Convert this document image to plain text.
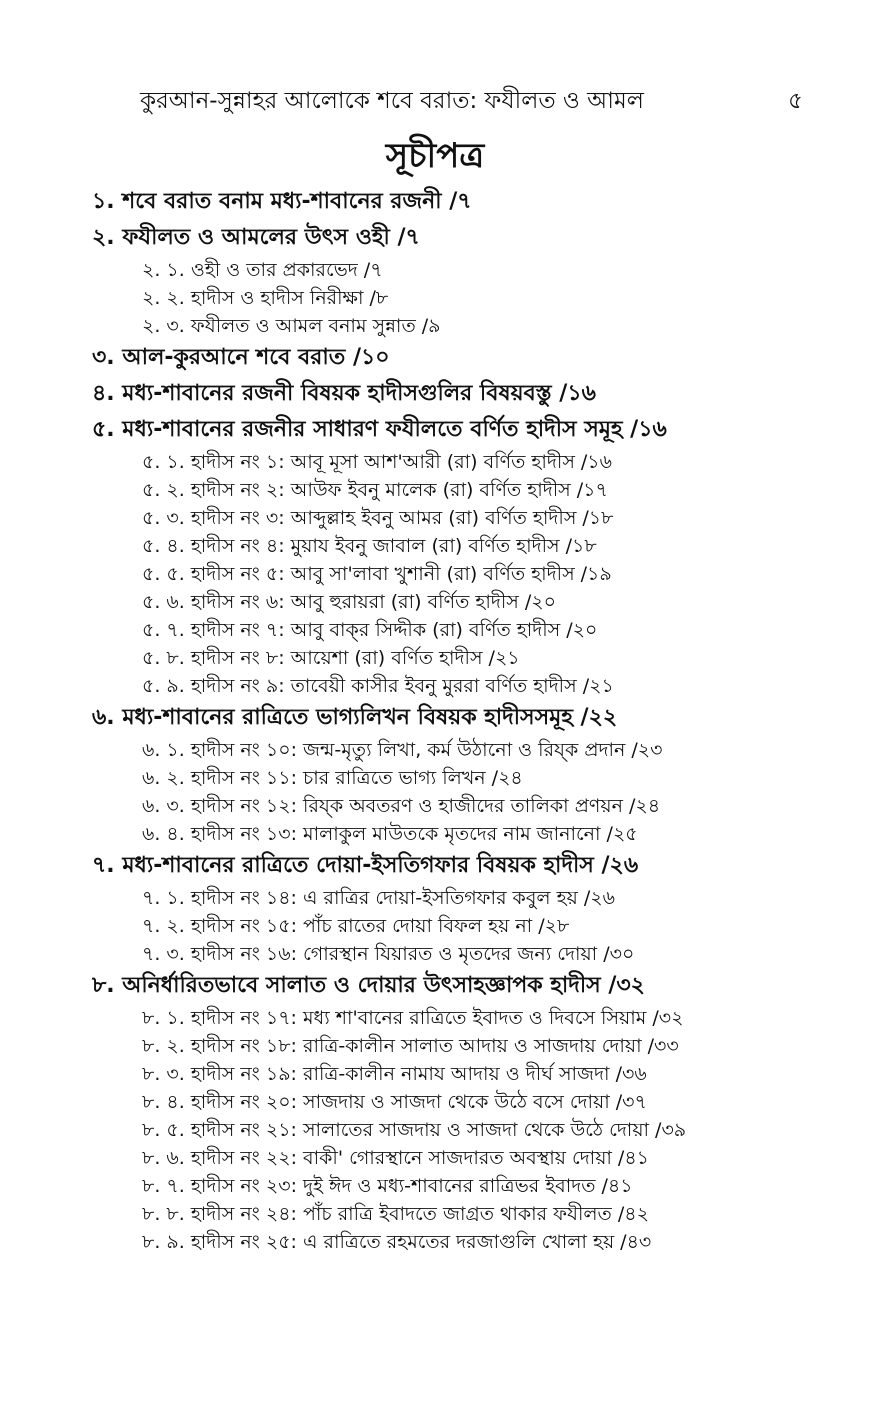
কুরআন-সুন্নাহর আলোকে শবে বরাত: ফযীলত ও আমল	৫
সূচীপত্র
১. শবে বরাত বনাম মধ্য-শাবানের রজনী /৭
২. ফযীলত ও আমলের উৎস ওহী /৭
২. ১. ওহী ও তার প্রকারভেদ /৭
২. ২. হাদীস ও হাদীস নিরীক্ষা /৮
২. ৩. ফযীলত ও আমল বনাম সুন্নাত /৯
৩. আল-কুরআনে শবে বরাত /১০
৪. মধ্য-শাবানের রজনী বিষয়ক হাদীসগুলির বিষয়বস্তু /১৬
৫. মধ্য-শাবানের রজনীর সাধারণ ফযীলতে বর্ণিত হাদীস সমূহ /১৬
৫. ১. হাদীস নং ১: আবূ মূসা আশ'আরী (রা) বর্ণিত হাদীস /১৬
৫. ২. হাদীস নং ২: আউফ ইবনু মালেক (রা) বর্ণিত হাদীস /১৭
৫. ৩. হাদীস নং ৩: আব্দুল্লাহ ইবনু আমর (রা) বর্ণিত হাদীস /১৮
৫. ৪. হাদীস নং ৪: মুয়ায ইবনু জাবাল (রা) বর্ণিত হাদীস /১৮
৫. ৫. হাদীস নং ৫: আবু সা'লাবা খুশানী (রা) বর্ণিত হাদীস /১৯
৫. ৬. হাদীস নং ৬: আবু হুরায়রা (রা) বর্ণিত হাদীস /২০
৫. ৭. হাদীস নং ৭: আবু বাক্‌র সিদ্দীক (রা) বর্ণিত হাদীস /২০
৫. ৮. হাদীস নং ৮: আয়েশা (রা) বর্ণিত হাদীস /২১
৫. ৯. হাদীস নং ৯: তাবেয়ী কাসীর ইবনু মুররা বর্ণিত হাদীস /২১
৬. মধ্য-শাবানের রাত্রিতে ভাগ্যলিখন বিষয়ক হাদীসসমূহ /২২
৬. ১. হাদীস নং ১০: জন্ম-মৃত্যু লিখা, কর্ম উঠানো ও রিয্ক প্রদান /২৩
৬. ২. হাদীস নং ১১: চার রাত্রিতে ভাগ্য লিখন /২৪
৬. ৩. হাদীস নং ১২: রিয্ক অবতরণ ও হাজীদের তালিকা প্রণয়ন /২৪
৬. ৪. হাদীস নং ১৩: মালাকুল মাউতকে মৃতদের নাম জানানো /২৫
৭. মধ্য-শাবানের রাত্রিতে দোয়া-ইসতিগফার বিষয়ক হাদীস /২৬
৭. ১. হাদীস নং ১৪: এ রাত্রির দোয়া-ইসতিগফার কবুল হয় /২৬
৭. ২. হাদীস নং ১৫: পাঁচ রাতের দোয়া বিফল হয় না /২৮
৭. ৩. হাদীস নং ১৬: গোরস্থান যিয়ারত ও মৃতদের জন্য দোয়া /৩০
৮. অনির্ধারিতভাবে সালাত ও দোয়ার উৎসাহজ্ঞাপক হাদীস /৩২
৮. ১. হাদীস নং ১৭: মধ্য শা'বানের রাত্রিতে ইবাদত ও দিবসে সিয়াম /৩২
৮. ২. হাদীস নং ১৮: রাত্রি-কালীন সালাত আদায় ও সাজদায় দোয়া /৩৩
৮. ৩. হাদীস নং ১৯: রাত্রি-কালীন নামায আদায় ও দীর্ঘ সাজদা /৩৬
৮. ৪. হাদীস নং ২০: সাজদায় ও সাজদা থেকে উঠে বসে দোয়া /৩৭
৮. ৫. হাদীস নং ২১: সালাতের সাজদায় ও সাজদা থেকে উঠে দোয়া /৩৯
৮. ৬. হাদীস নং ২২: বাকী' গোরস্থানে সাজদারত অবস্থায় দোয়া /৪১
৮. ৭. হাদীস নং ২৩: দুই ঈদ ও মধ্য-শাবানের রাত্রিভর ইবাদত /৪১
৮. ৮. হাদীস নং ২৪: পাঁচ রাত্রি ইবাদতে জাগ্রত থাকার ফযীলত /৪২
৮. ৯. হাদীস নং ২৫: এ রাত্রিতে রহমতের দরজাগুলি খোলা হয় /৪৩
